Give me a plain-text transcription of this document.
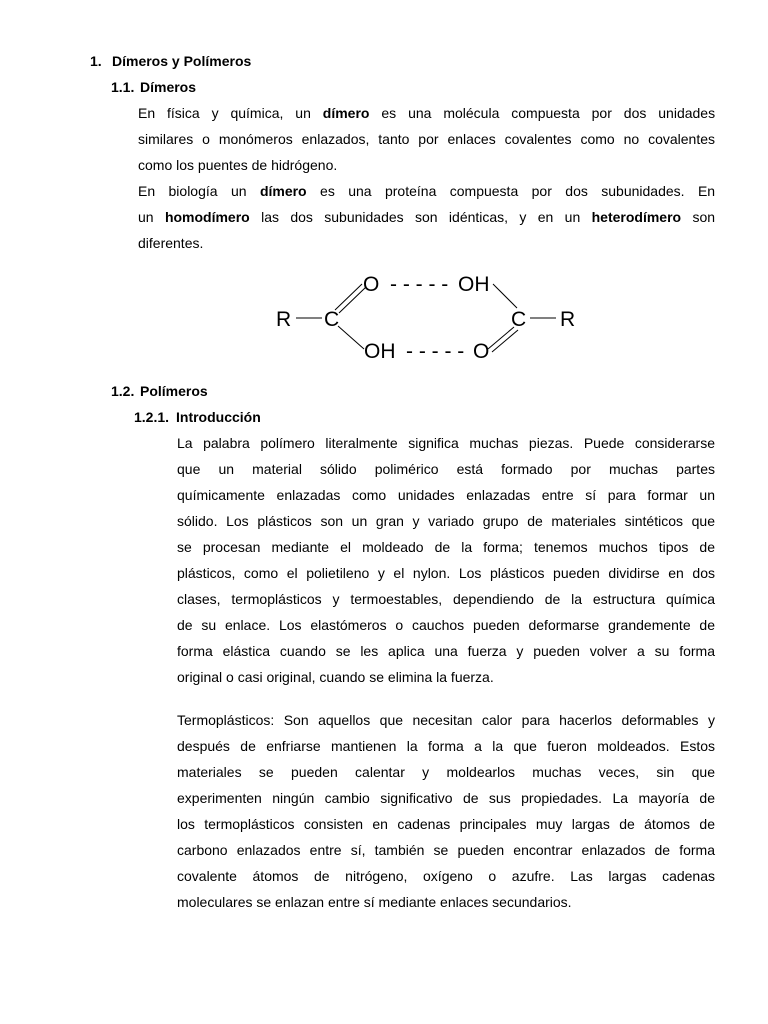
1. Dímeros y Polímeros

1.1. Dímeros

En física y química, un dímero es una molécula compuesta por dos unidades

similares o monómeros enlazados, tanto por enlaces covalentes como no covalentes

como los puentes de hidrógeno.

En biología un dímero es una proteína compuesta por dos subunidades. En

un homodímero las dos subunidades son idénticas, y en un heterodímero son

diferentes.

R C
O - - - - - OH
OH - - - - - O
C R

1.2. Polímeros

1.2.1. Introducción

La palabra polímero literalmente significa muchas piezas. Puede considerarse

que un material sólido polimérico está formado por muchas partes

químicamente enlazadas como unidades enlazadas entre sí para formar un

sólido. Los plásticos son un gran y variado grupo de materiales sintéticos que

se procesan mediante el moldeado de la forma; tenemos muchos tipos de

plásticos, como el polietileno y el nylon. Los plásticos pueden dividirse en dos

clases, termoplásticos y termoestables, dependiendo de la estructura química

de su enlace. Los elastómeros o cauchos pueden deformarse grandemente de

forma elástica cuando se les aplica una fuerza y pueden volver a su forma

original o casi original, cuando se elimina la fuerza.

Termoplásticos: Son aquellos que necesitan calor para hacerlos deformables y

después de enfriarse mantienen la forma a la que fueron moldeados. Estos

materiales se pueden calentar y moldearlos muchas veces, sin que

experimenten ningún cambio significativo de sus propiedades. La mayoría de

los termoplásticos consisten en cadenas principales muy largas de átomos de

carbono enlazados entre sí, también se pueden encontrar enlazados de forma

covalente átomos de nitrógeno, oxígeno o azufre. Las largas cadenas

moleculares se enlazan entre sí mediante enlaces secundarios.
